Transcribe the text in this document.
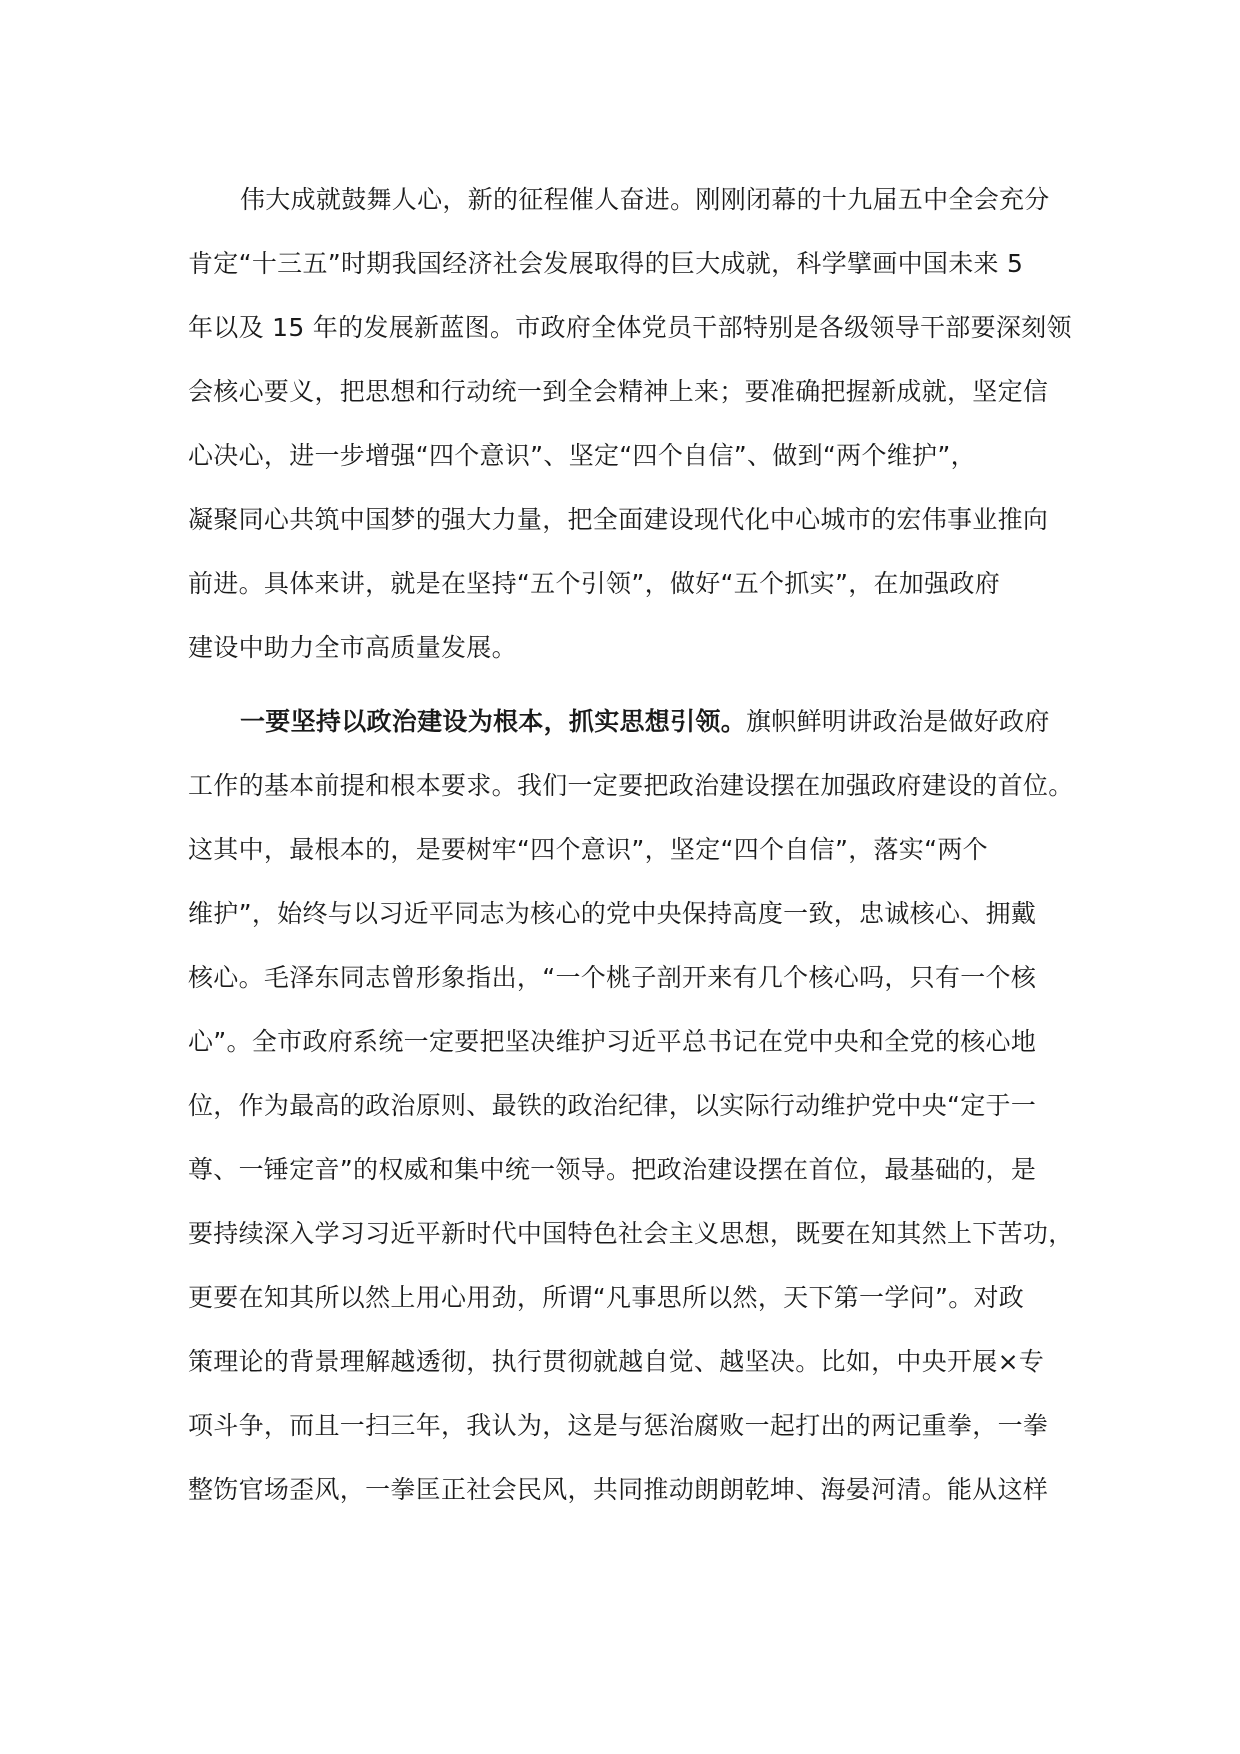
伟大成就鼓舞人心，新的征程催人奋进。刚刚闭幕的十九届五中全会充分
肯定“十三五”时期我国经济社会发展取得的巨大成就，科学擘画中国未来 5
年以及 15 年的发展新蓝图。市政府全体党员干部特别是各级领导干部要深刻领
会核心要义，把思想和行动统一到全会精神上来；要准确把握新成就，坚定信
心决心，进一步增强“四个意识”、坚定“四个自信”、做到“两个维护”，
凝聚同心共筑中国梦的强大力量，把全面建设现代化中心城市的宏伟事业推向
前进。具体来讲，就是在坚持“五个引领”，做好“五个抓实”，在加强政府
建设中助力全市高质量发展。
一要坚持以政治建设为根本，抓实思想引领。旗帜鲜明讲政治是做好政府
工作的基本前提和根本要求。我们一定要把政治建设摆在加强政府建设的首位。
这其中，最根本的，是要树牢“四个意识”，坚定“四个自信”，落实“两个
维护”，始终与以习近平同志为核心的党中央保持高度一致，忠诚核心、拥戴
核心。毛泽东同志曾形象指出，“一个桃子剖开来有几个核心吗，只有一个核
心”。全市政府系统一定要把坚决维护习近平总书记在党中央和全党的核心地
位，作为最高的政治原则、最铁的政治纪律，以实际行动维护党中央“定于一
尊、一锤定音”的权威和集中统一领导。把政治建设摆在首位，最基础的，是
要持续深入学习习近平新时代中国特色社会主义思想，既要在知其然上下苦功，
更要在知其所以然上用心用劲，所谓“凡事思所以然，天下第一学问”。对政
策理论的背景理解越透彻，执行贯彻就越自觉、越坚决。比如，中央开展×专
项斗争，而且一扫三年，我认为，这是与惩治腐败一起打出的两记重拳，一拳
整饬官场歪风，一拳匡正社会民风，共同推动朗朗乾坤、海晏河清。能从这样
